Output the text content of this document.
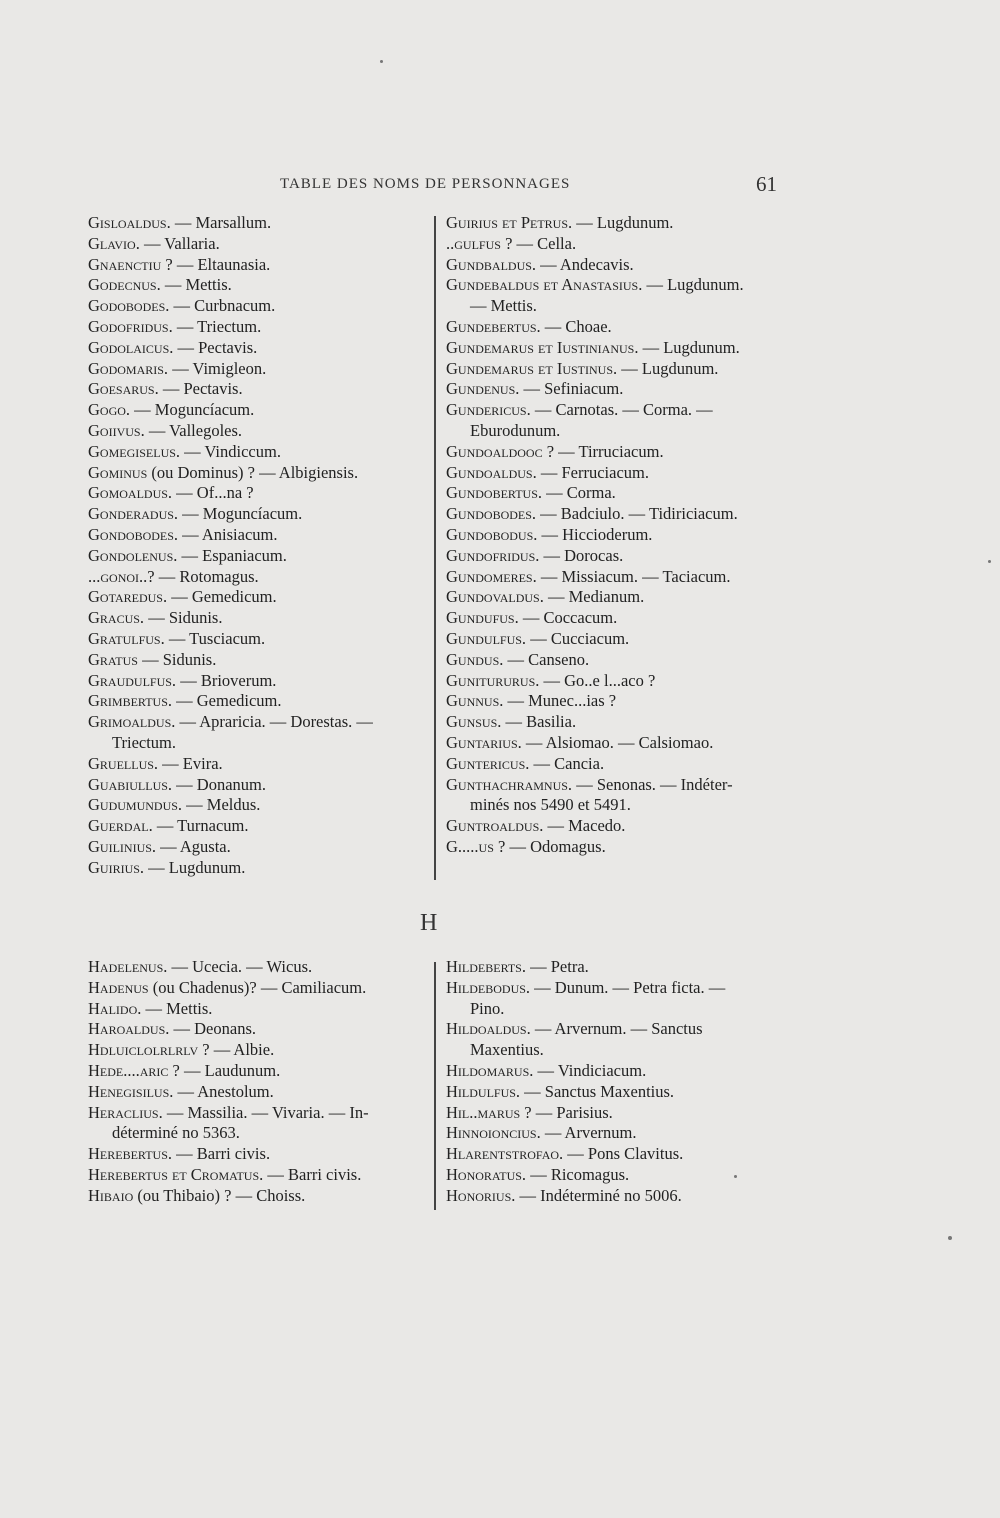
TABLE DES NOMS DE PERSONNAGES	61
Gisloaldus. — Marsallum.
Glavio. — Vallaria.
Gnaenctiu ? — Eltaunasia.
Godecnus. — Mettis.
Godobodes. — Curbnacum.
Godofridus. — Triectum.
Godolaicus. — Pectavis.
Godomaris. — Vimigleon.
Goesarus. — Pectavis.
Gogo. — Moguncíacum.
Goiivus. — Vallegoles.
Gomegiselus. — Vindiccum.
Gominus (ou Dominus) ? — Albigiensis.
Gomoaldus. — Of...na ?
Gonderadus. — Moguncíacum.
Gondobodes. — Anisiacum.
Gondolenus. — Espaniacum.
...gonoi..? — Rotomagus.
Gotaredus. — Gemedicum.
Gracus. — Sidunis.
Gratulfus. — Tusciacum.
Gratus — Sidunis.
Graudulfus. — Brioverum.
Grimbertus. — Gemedicum.
Grimoaldus. — Apraricia. — Dorestas. —
Triectum.
Gruellus. — Evira.
Guabiullus. — Donanum.
Gudumundus. — Meldus.
Guerdal. — Turnacum.
Guilinius. — Agusta.
Guirius. — Lugdunum.
Guirius et Petrus. — Lugdunum.
..gulfus ? — Cella.
Gundbaldus. — Andecavis.
Gundebaldus et Anastasius. — Lugdunum.
— Mettis.
Gundebertus. — Choae.
Gundemarus et Iustinianus. — Lugdunum.
Gundemarus et Iustinus. — Lugdunum.
Gundenus. — Sefiniacum.
Gundericus. — Carnotas. — Corma. —
Eburodunum.
Gundoaldooc ? — Tirruciacum.
Gundoaldus. — Ferruciacum.
Gundobertus. — Corma.
Gundobodes. — Badciulo. — Tidiriciacum.
Gundobodus. — Hiccioderum.
Gundofridus. — Dorocas.
Gundomeres. — Missiacum. — Taciacum.
Gundovaldus. — Medianum.
Gundufus. — Coccacum.
Gundulfus. — Cucciacum.
Gundus. — Canseno.
Gunitururus. — Go..e l...aco ?
Gunnus. — Munec...ias ?
Gunsus. — Basilia.
Guntarius. — Alsiomao. — Calsiomao.
Guntericus. — Cancia.
Gunthachramnus. — Senonas. — Indéter-
minés nos 5490 et 5491.
Guntroaldus. — Macedo.
G.....us ? — Odomagus.
H
Hadelenus. — Ucecia. — Wicus.
Hadenus (ou Chadenus)? — Camiliacum.
Halido. — Mettis.
Haroaldus. — Deonans.
Hdluiclolrlrlv ? — Albie.
Hede....aric ? — Laudunum.
Henegisilus. — Anestolum.
Heraclius. — Massilia. — Vivaria. — In-
déterminé no 5363.
Herebertus. — Barri civis.
Herebertus et Cromatus. — Barri civis.
Hibaio (ou Thibaio) ? — Choiss.
Hildeberts. — Petra.
Hildebodus. — Dunum. — Petra ficta. —
Pino.
Hildoaldus. — Arvernum. — Sanctus
Maxentius.
Hildomarus. — Vindiciacum.
Hildulfus. — Sanctus Maxentius.
Hil..marus ? — Parisius.
Hinnoioncius. — Arvernum.
Hlarentstrofao. — Pons Clavitus.
Honoratus. — Ricomagus.
Honorius. — Indéterminé no 5006.
